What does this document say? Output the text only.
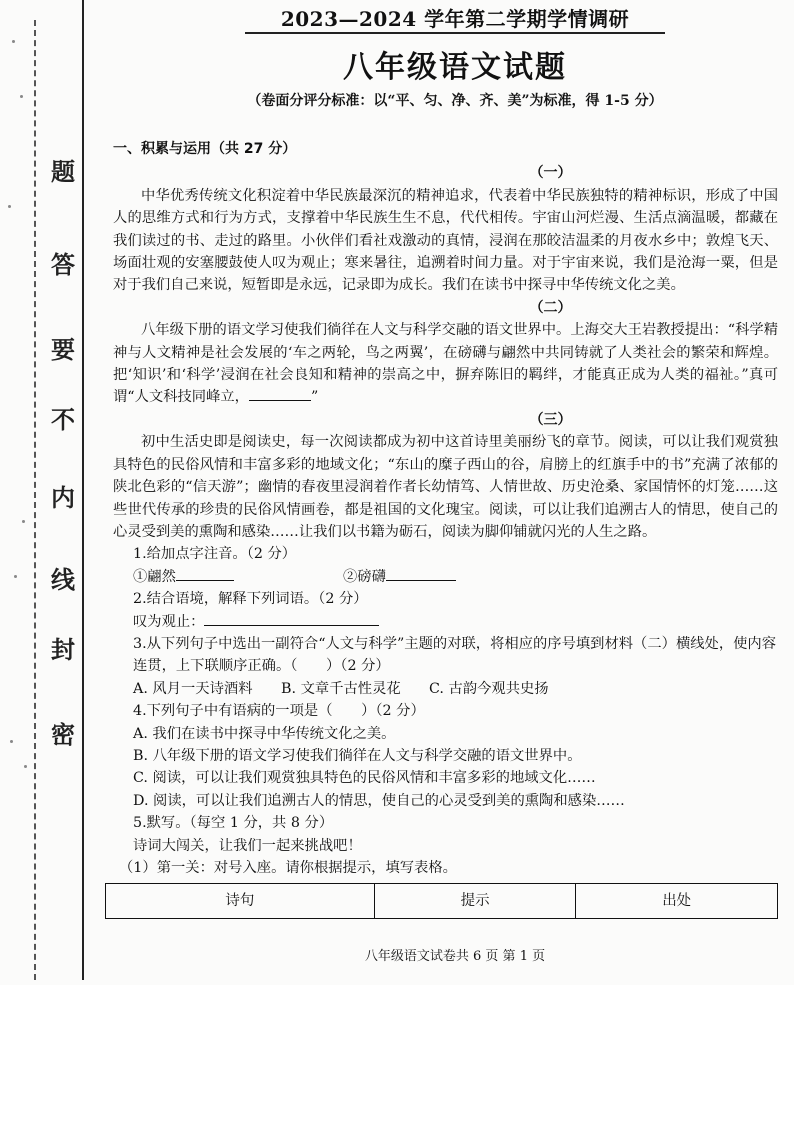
题
答
要
不
内
线
封
密
2023—2024 学年第二学期学情调研
八年级语文试题
（卷面分评分标准：以“平、匀、净、齐、美”为标准，得 1-5 分）
一、积累与运用（共 27 分）
（一）
中华优秀传统文化积淀着中华民族最深沉的精神追求，代表着中华民族独特的精神标识，形成了中国人的思维方式和行为方式，支撑着中华民族生生不息，代代相传。宇宙山河烂漫、生活点滴温暖，都藏在我们读过的书、走过的路里。小伙伴们看社戏激动的真情，浸润在那皎洁温柔的月夜水乡中；敦煌飞天、场面壮观的安塞腰鼓使人叹为观止；寒来暑往，追溯着时间力量。对于宇宙来说，我们是沧海一粟，但是对于我们自己来说，短暂即是永远，记录即为成长。我们在读书中探寻中华传统文化之美。
（二）
八年级下册的语文学习使我们徜徉在人文与科学交融的语文世界中。上海交大王岩教授提出：“科学精神与人文精神是社会发展的‘车之两轮，鸟之两翼’，在磅礴与翩然中共同铸就了人类社会的繁荣和辉煌。把‘知识’和‘科学’浸润在社会良知和精神的崇高之中，摒弃陈旧的羁绊，才能真正成为人类的福祉。”真可谓“人文科技同峰立，	”
（三）
初中生活史即是阅读史，每一次阅读都成为初中这首诗里美丽纷飞的章节。阅读，可以让我们观赏独具特色的民俗风情和丰富多彩的地域文化；“东山的糜子西山的谷，肩膀上的红旗手中的书”充满了浓郁的陕北色彩的“信天游”；幽情的春夜里浸润着作者长幼情笃、人情世故、历史沧桑、家国情怀的灯笼……这些世代传承的珍贵的民俗风情画卷，都是祖国的文化瑰宝。阅读，可以让我们追溯古人的情思，使自己的心灵受到美的熏陶和感染……让我们以书籍为砺石，阅读为脚仰铺就闪光的人生之路。
1.给加点字注音。（2 分）
①翩然	②磅礴
2.结合语境，解释下列词语。（2 分）
叹为观止：
3.从下列句子中选出一副符合“人文与科学”主题的对联，将相应的序号填到材料（二）横线处，使内容连贯，上下联顺序正确。（　　）（2 分）
A. 风月一天诗酒料	B. 文章千古性灵花	C. 古韵今观共史扬
4.下列句子中有语病的一项是（　　）（2 分）
A. 我们在读书中探寻中华传统文化之美。
B. 八年级下册的语文学习使我们徜徉在人文与科学交融的语文世界中。
C. 阅读，可以让我们观赏独具特色的民俗风情和丰富多彩的地域文化……
D. 阅读，可以让我们追溯古人的情思，使自己的心灵受到美的熏陶和感染……
5.默写。（每空 1 分，共 8 分）
诗词大闯关，让我们一起来挑战吧！
（1）第一关：对号入座。请你根据提示，填写表格。
诗句	提示	出处
八年级语文试卷共 6 页 第 1 页
